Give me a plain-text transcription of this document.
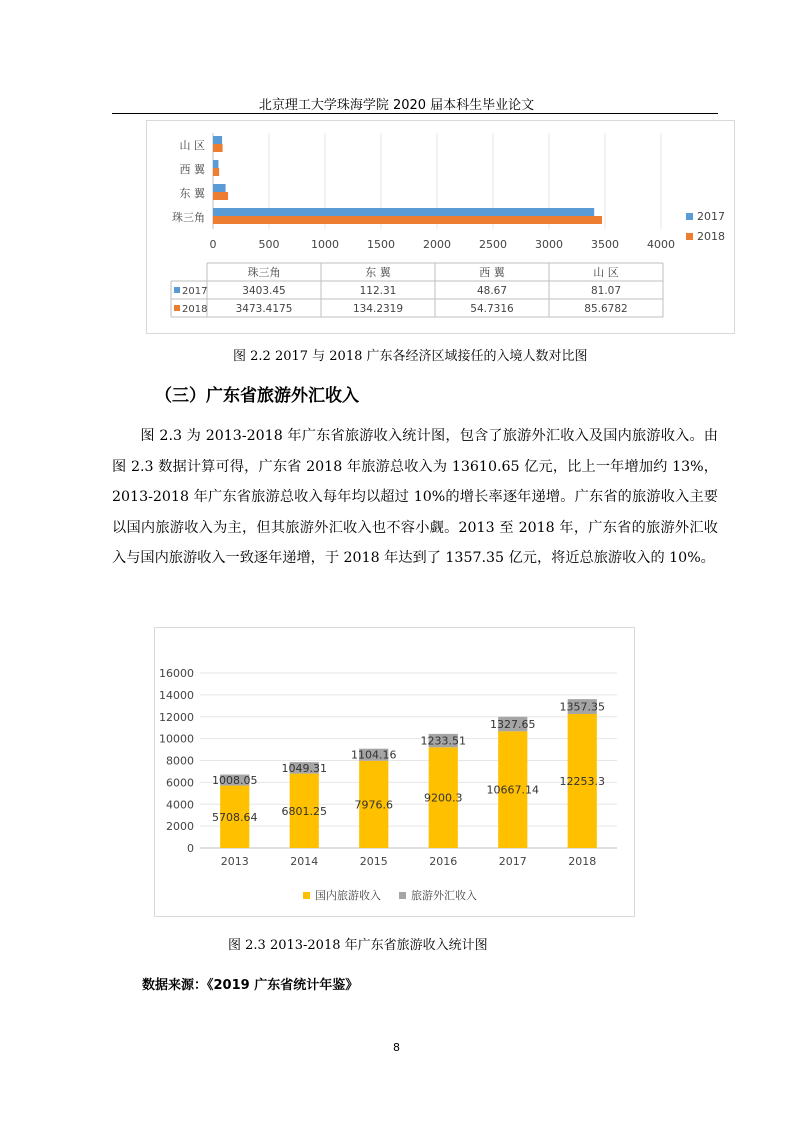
北京理工大学珠海学院 2020 届本科生毕业论文
0	500	1000	1500	2000	2500	3000	3500	4000
珠三角
东 翼
西 翼
山 区
2017
2018
珠三角	东 翼	西 翼	山 区
2017	3403.45	112.31	48.67	81.07
2018	3473.4175	134.2319	54.7316	85.6782
图 2.2 2017 与 2018 广东各经济区域接任的入境人数对比图
（三）广东省旅游外汇收入
图 2.3 为 2013-2018 年广东省旅游收入统计图，包含了旅游外汇收入及国内旅游收入。由图 2.3 数据计算可得，广东省 2018 年旅游总收入为 13610.65 亿元，比上一年增加约 13%，2013-2018 年广东省旅游总收入每年均以超过 10%的增长率逐年递增。广东省的旅游收入主要以国内旅游收入为主，但其旅游外汇收入也不容小觑。2013 至 2018 年，广东省的旅游外汇收入与国内旅游收入一致逐年递增，于 2018 年达到了 1357.35 亿元，将近总旅游收入的 10%。
0
2000
4000
6000
8000
10000
12000
14000
16000
5708.64
1008.05
2013
6801.25
1049.31
2014
7976.6
1104.16
2015
9200.3
1233.51
2016
10667.14
1327.65
2017
12253.3
1357.35
2018
国内旅游收入	旅游外汇收入
图 2.3 2013-2018 年广东省旅游收入统计图
数据来源：《2019 广东省统计年鉴》
8
